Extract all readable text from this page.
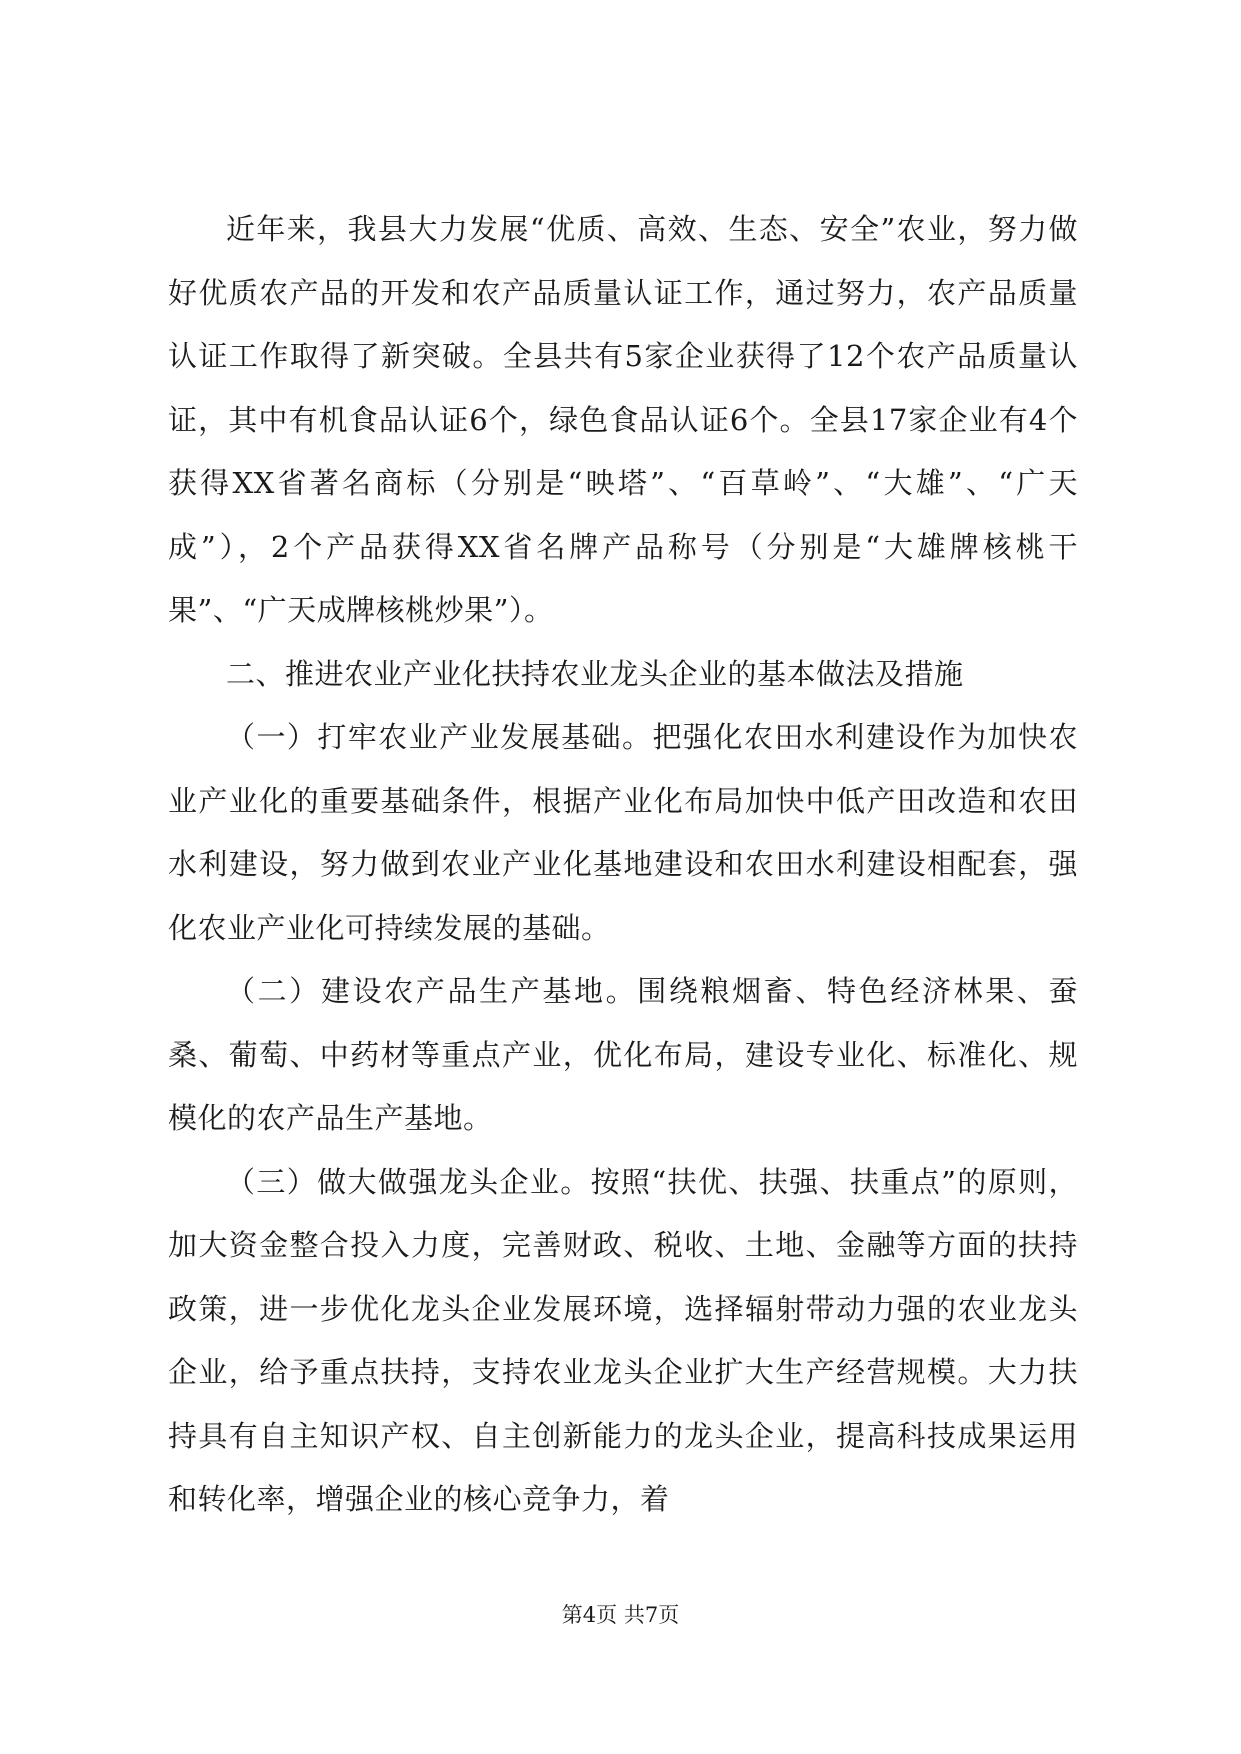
近年来，我县大力发展“优质、高效、生态、安全”农业，努力做好优质农产品的开发和农产品质量认证工作，通过努力，农产品质量认证工作取得了新突破。全县共有5家企业获得了12个农产品质量认证，其中有机食品认证6个，绿色食品认证6个。全县17家企业有4个获得XX省著名商标（分别是“映塔”、“百草岭”、“大雄”、“广天成”），2个产品获得XX省名牌产品称号（分别是“大雄牌核桃干果”、“广天成牌核桃炒果”）。

二、推进农业产业化扶持农业龙头企业的基本做法及措施

（一）打牢农业产业发展基础。把强化农田水利建设作为加快农业产业化的重要基础条件，根据产业化布局加快中低产田改造和农田水利建设，努力做到农业产业化基地建设和农田水利建设相配套，强化农业产业化可持续发展的基础。

（二）建设农产品生产基地。围绕粮烟畜、特色经济林果、蚕桑、葡萄、中药材等重点产业，优化布局，建设专业化、标准化、规模化的农产品生产基地。

（三）做大做强龙头企业。按照“扶优、扶强、扶重点”的原则，加大资金整合投入力度，完善财政、税收、土地、金融等方面的扶持政策，进一步优化龙头企业发展环境，选择辐射带动力强的农业龙头企业，给予重点扶持，支持农业龙头企业扩大生产经营规模。大力扶持具有自主知识产权、自主创新能力的龙头企业，提高科技成果运用和转化率，增强企业的核心竞争力，着

第4页 共7页
